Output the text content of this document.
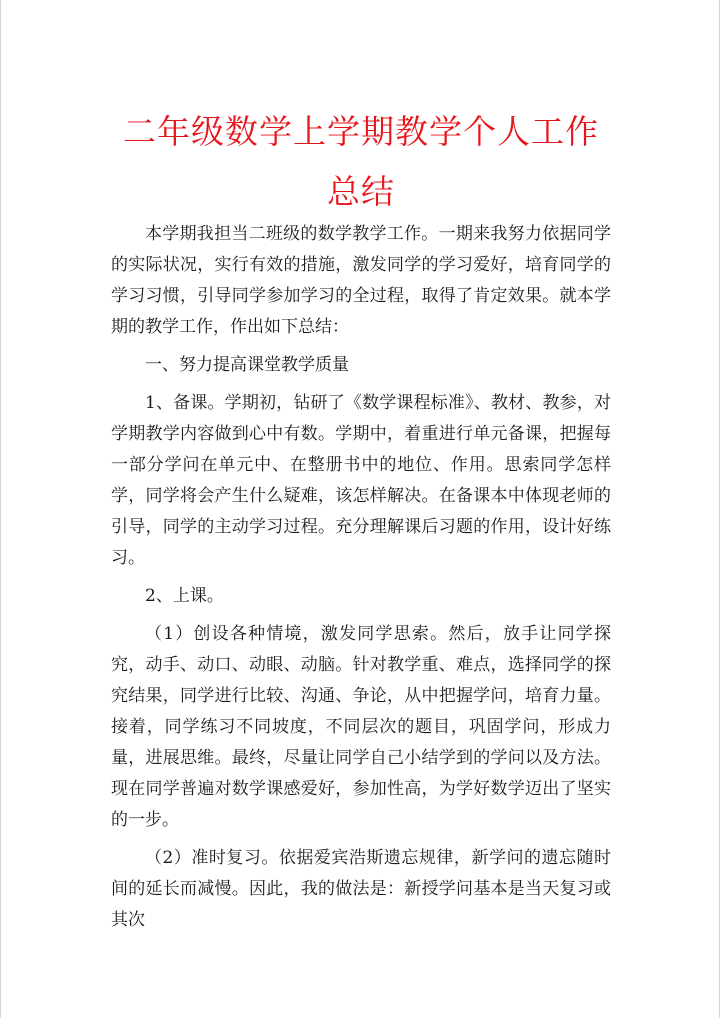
二年级数学上学期教学个人工作总结

本学期我担当二班级的数学教学工作。一期来我努力依据同学的实际状况，实行有效的措施，激发同学的学习爱好，培育同学的学习习惯，引导同学参加学习的全过程，取得了肯定效果。就本学期的教学工作，作出如下总结：

一、努力提高课堂教学质量

1、备课。学期初，钻研了《数学课程标准》、教材、教参，对学期教学内容做到心中有数。学期中，着重进行单元备课，把握每一部分学问在单元中、在整册书中的地位、作用。思索同学怎样学，同学将会产生什么疑难，该怎样解决。在备课本中体现老师的引导，同学的主动学习过程。充分理解课后习题的作用，设计好练习。

2、上课。

（1）创设各种情境，激发同学思索。然后，放手让同学探究，动手、动口、动眼、动脑。针对教学重、难点，选择同学的探究结果，同学进行比较、沟通、争论，从中把握学问，培育力量。接着，同学练习不同坡度，不同层次的题目，巩固学问，形成力量，进展思维。最终，尽量让同学自己小结学到的学问以及方法。现在同学普遍对数学课感爱好，参加性高，为学好数学迈出了坚实的一步。

（2）准时复习。依据爱宾浩斯遗忘规律，新学问的遗忘随时间的延长而减慢。因此，我的做法是：新授学问基本是当天复习或其次
